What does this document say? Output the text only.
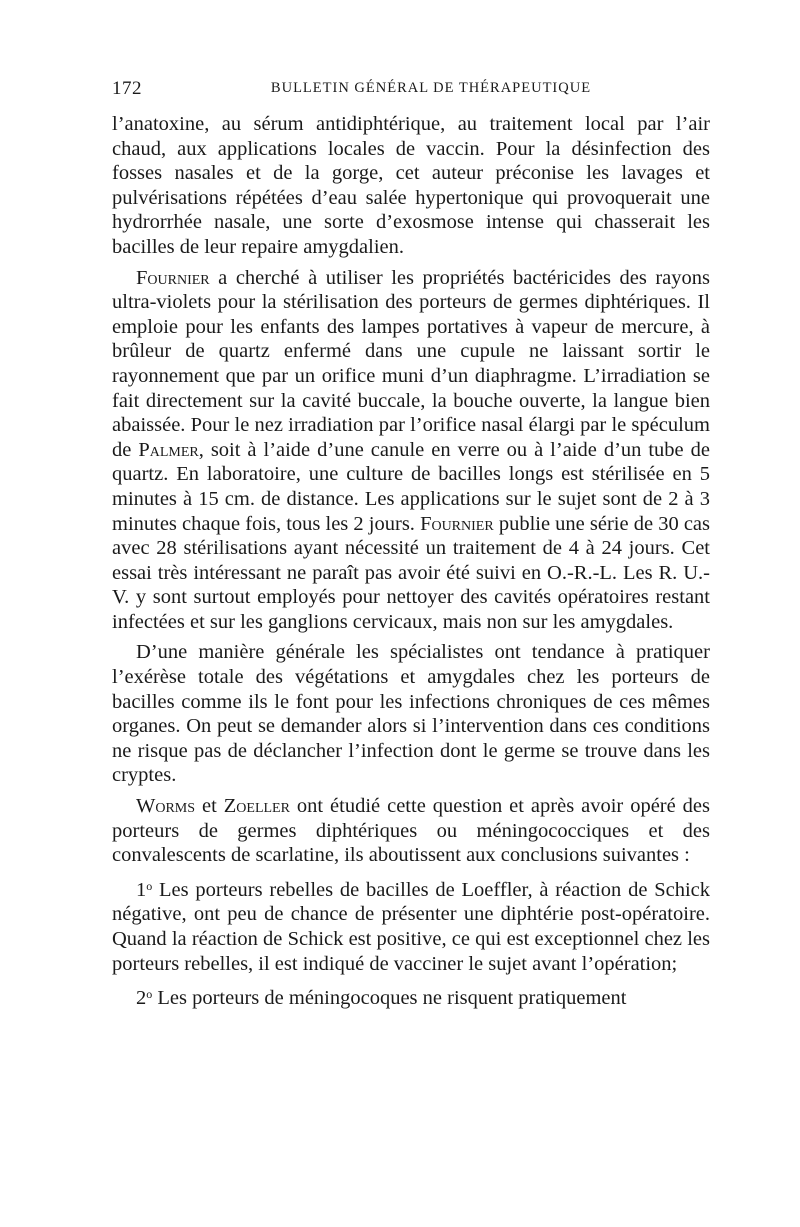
172	BULLETIN GÉNÉRAL DE THÉRAPEUTIQUE

l’anatoxine, au sérum antidiphtérique, au traitement local par l’air chaud, aux applications locales de vaccin. Pour la désinfection des fosses nasales et de la gorge, cet auteur préconise les lavages et pulvérisations répétées d’eau salée hypertonique qui provoquerait une hydrorrhée nasale, une sorte d’exosmose intense qui chasserait les bacilles de leur repaire amygdalien.

Fournier a cherché à utiliser les propriétés bactéricides des rayons ultra-violets pour la stérilisation des porteurs de germes diphtériques. Il emploie pour les enfants des lampes portatives à vapeur de mercure, à brûleur de quartz enfermé dans une cupule ne laissant sortir le rayonnement que par un orifice muni d’un diaphragme. L’irradiation se fait directement sur la cavité buccale, la bouche ouverte, la langue bien abaissée. Pour le nez irradiation par l’orifice nasal élargi par le spéculum de Palmer, soit à l’aide d’une canule en verre ou à l’aide d’un tube de quartz. En laboratoire, une culture de bacilles longs est stérilisée en 5 minutes à 15 cm. de distance. Les applications sur le sujet sont de 2 à 3 minutes chaque fois, tous les 2 jours. Fournier publie une série de 30 cas avec 28 stérilisations ayant nécessité un traitement de 4 à 24 jours. Cet essai très intéressant ne paraît pas avoir été suivi en O.-R.-L. Les R. U.-V. y sont surtout employés pour nettoyer des cavités opératoires restant infectées et sur les ganglions cervicaux, mais non sur les amygdales.

D’une manière générale les spécialistes ont tendance à pratiquer l’exérèse totale des végétations et amygdales chez les porteurs de bacilles comme ils le font pour les infections chroniques de ces mêmes organes. On peut se demander alors si l’intervention dans ces conditions ne risque pas de déclancher l’infection dont le germe se trouve dans les cryptes.

Worms et Zoeller ont étudié cette question et après avoir opéré des porteurs de germes diphtériques ou méningococciques et des convalescents de scarlatine, ils aboutissent aux conclusions suivantes :

1$^o$ Les porteurs rebelles de bacilles de Loeffler, à réaction de Schick négative, ont peu de chance de présenter une diphtérie post-opératoire. Quand la réaction de Schick est positive, ce qui est exceptionnel chez les porteurs rebelles, il est indiqué de vacciner le sujet avant l’opération;

2$^o$ Les porteurs de méningocoques ne risquent pratiquement
